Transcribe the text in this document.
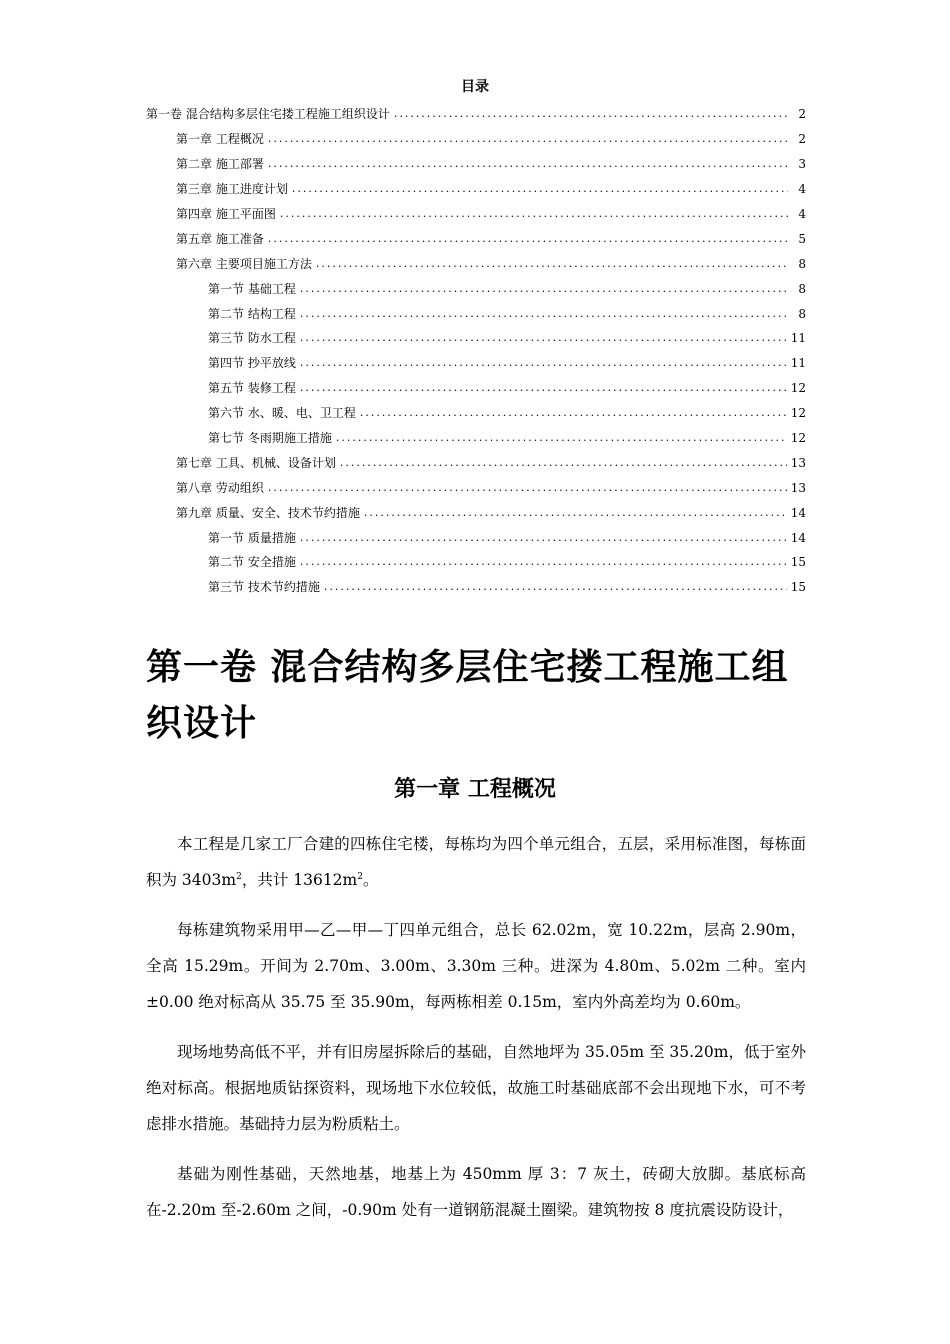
目录
第一卷 混合结构多层住宅搂工程施工组织设计 .....	2
第一章 工程概况 .....	2
第二章 施工部署 .....	3
第三章 施工进度计划 .....	4
第四章 施工平面图 .....	4
第五章 施工准备 .....	5
第六章 主要项目施工方法 .....	8
第一节 基础工程 .....	8
第二节 结构工程 .....	8
第三节 防水工程 .....	11
第四节 抄平放线 .....	11
第五节 装修工程 .....	12
第六节 水、暖、电、卫工程 .....	12
第七节 冬雨期施工措施 .....	12
第七章 工具、机械、设备计划 .....	13
第八章 劳动组织 .....	13
第九章 质量、安全、技术节约措施 .....	14
第一节 质量措施 .....	14
第二节 安全措施 .....	15
第三节 技术节约措施 .....	15
第一卷 混合结构多层住宅搂工程施工组织设计
第一章 工程概况

本工程是几家工厂合建的四栋住宅楼，每栋均为四个单元组合，五层，采用标准图，每栋面积为 $3403m^2$，共计 $13612m^2$。

每栋建筑物采用甲—乙—甲—丁四单元组合，总长 62.02m，宽 10.22m，层高 2.90m，全高 15.29m。开间为 2.70m、3.00m、3.30m 三种。进深为 4.80m、5.02m 二种。室内±0.00 绝对标高从 35.75 至 35.90m，每两栋相差 0.15m，室内外高差均为 0.60m。

现场地势高低不平，并有旧房屋拆除后的基础，自然地坪为 35.05m 至 35.20m，低于室外绝对标高。根据地质钻探资料，现场地下水位较低，故施工时基础底部不会出现地下水，可不考虑排水措施。基础持力层为粉质粘土。

基础为刚性基础，天然地基，地基上为 450mm 厚 3：7 灰土，砖砌大放脚。基底标高在-2.20m 至-2.60m 之间，-0.90m 处有一道钢筋混凝土圈梁。建筑物按 8 度抗震设防设计，
